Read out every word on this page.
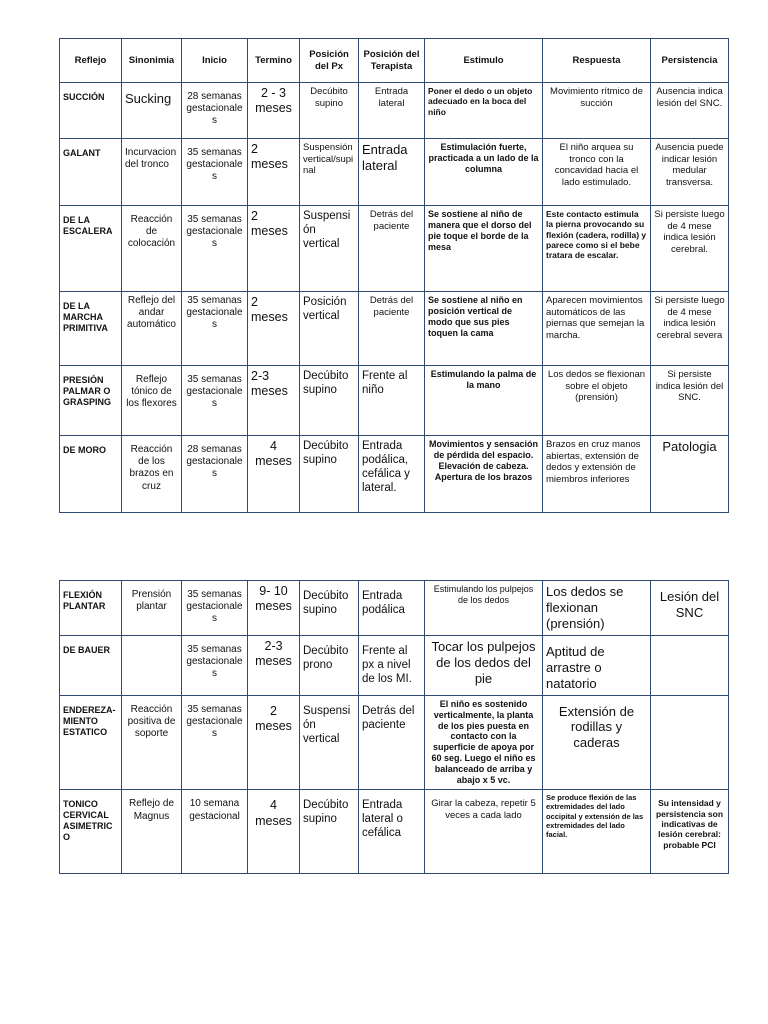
Reflejo	Sinonimia	Inicio	Termino	Posición del Px	Posición del Terapista	Estimulo	Respuesta	Persistencia
SUCCIÓN	Sucking	28 semanas gestacionales	2 - 3 meses	Decúbito supino	Entrada lateral	Poner el dedo o un objeto adecuado en la boca del niño	Movimiento rítmico de succión	Ausencia indica lesión del SNC.
GALANT	Incurvacion del tronco	35 semanas gestacionales	2 meses	Suspensión vertical/supinal	Entrada lateral	Estimulación fuerte, practicada a un lado de la columna	El niño arquea su tronco con la concavidad hacia el lado estimulado.	Ausencia puede indicar lesión medular transversa.
DE LA ESCALERA	Reacción de colocación	35 semanas gestacionales	2 meses	Suspensión vertical	Detrás del paciente	Se sostiene al niño de manera que el dorso del pie toque el borde de la mesa	Este contacto estimula la pierna provocando su flexión (cadera, rodilla) y parece como si el bebe tratara de escalar.	Si persiste luego de 4 mese indica lesión cerebral.
DE LA MARCHA PRIMITIVA	Reflejo del andar automático	35 semanas gestacionales	2 meses	Posición vertical	Detrás del paciente	Se sostiene al niño en posición vertical de modo que sus pies toquen la cama	Aparecen movimientos automáticos de las piernas que semejan la marcha.	Si persiste luego de 4 mese indica lesión cerebral severa
PRESIÓN PALMAR O GRASPING	Reflejo tónico de los flexores	35 semanas gestacionales	2-3 meses	Decúbito supino	Frente al niño	Estimulando la palma de la mano	Los dedos se flexionan sobre el objeto (prensión)	Si persiste indica lesión del SNC.
DE MORO	Reacción de los brazos en cruz	28 semanas gestacionales	4 meses	Decúbito supino	Entrada podálica, cefálica y lateral.	Movimientos y sensación de pérdida del espacio. Elevación de cabeza. Apertura de los brazos	Brazos en cruz manos abiertas, extensión de dedos y extensión de miembros inferiores	Patologia
FLEXIÓN PLANTAR	Prensión plantar	35 semanas gestacionales	9- 10 meses	Decúbito supino	Entrada podálica	Estimulando los pulpejos de los dedos	Los dedos se flexionan (prensión)	Lesión del SNC
DE BAUER		35 semanas gestacionales	2-3 meses	Decúbito prono	Frente al px a nivel de los MI.	Tocar los pulpejos de los dedos del pie	Aptitud de arrastre o natatorio	
ENDEREZA-MIENTO ESTATICO	Reacción positiva de soporte	35 semanas gestacionales	2 meses	Suspensión vertical	Detrás del paciente	El niño es sostenido verticalmente, la planta de los pies puesta en contacto con la superficie de apoya por 60 seg. Luego el niño es balanceado de arriba y abajo x 5 vc.	Extensión de rodillas y caderas	
TONICO CERVICAL ASIMETRICO	Reflejo de Magnus	10 semana gestacional	4 meses	Decúbito supino	Entrada lateral o cefálica	Girar la cabeza, repetir 5 veces a cada lado	Se produce flexión de las extremidades del lado occipital y extensión de las extremidades del lado facial.	Su intensidad y persistencia son indicativas de lesión cerebral: probable PCI
